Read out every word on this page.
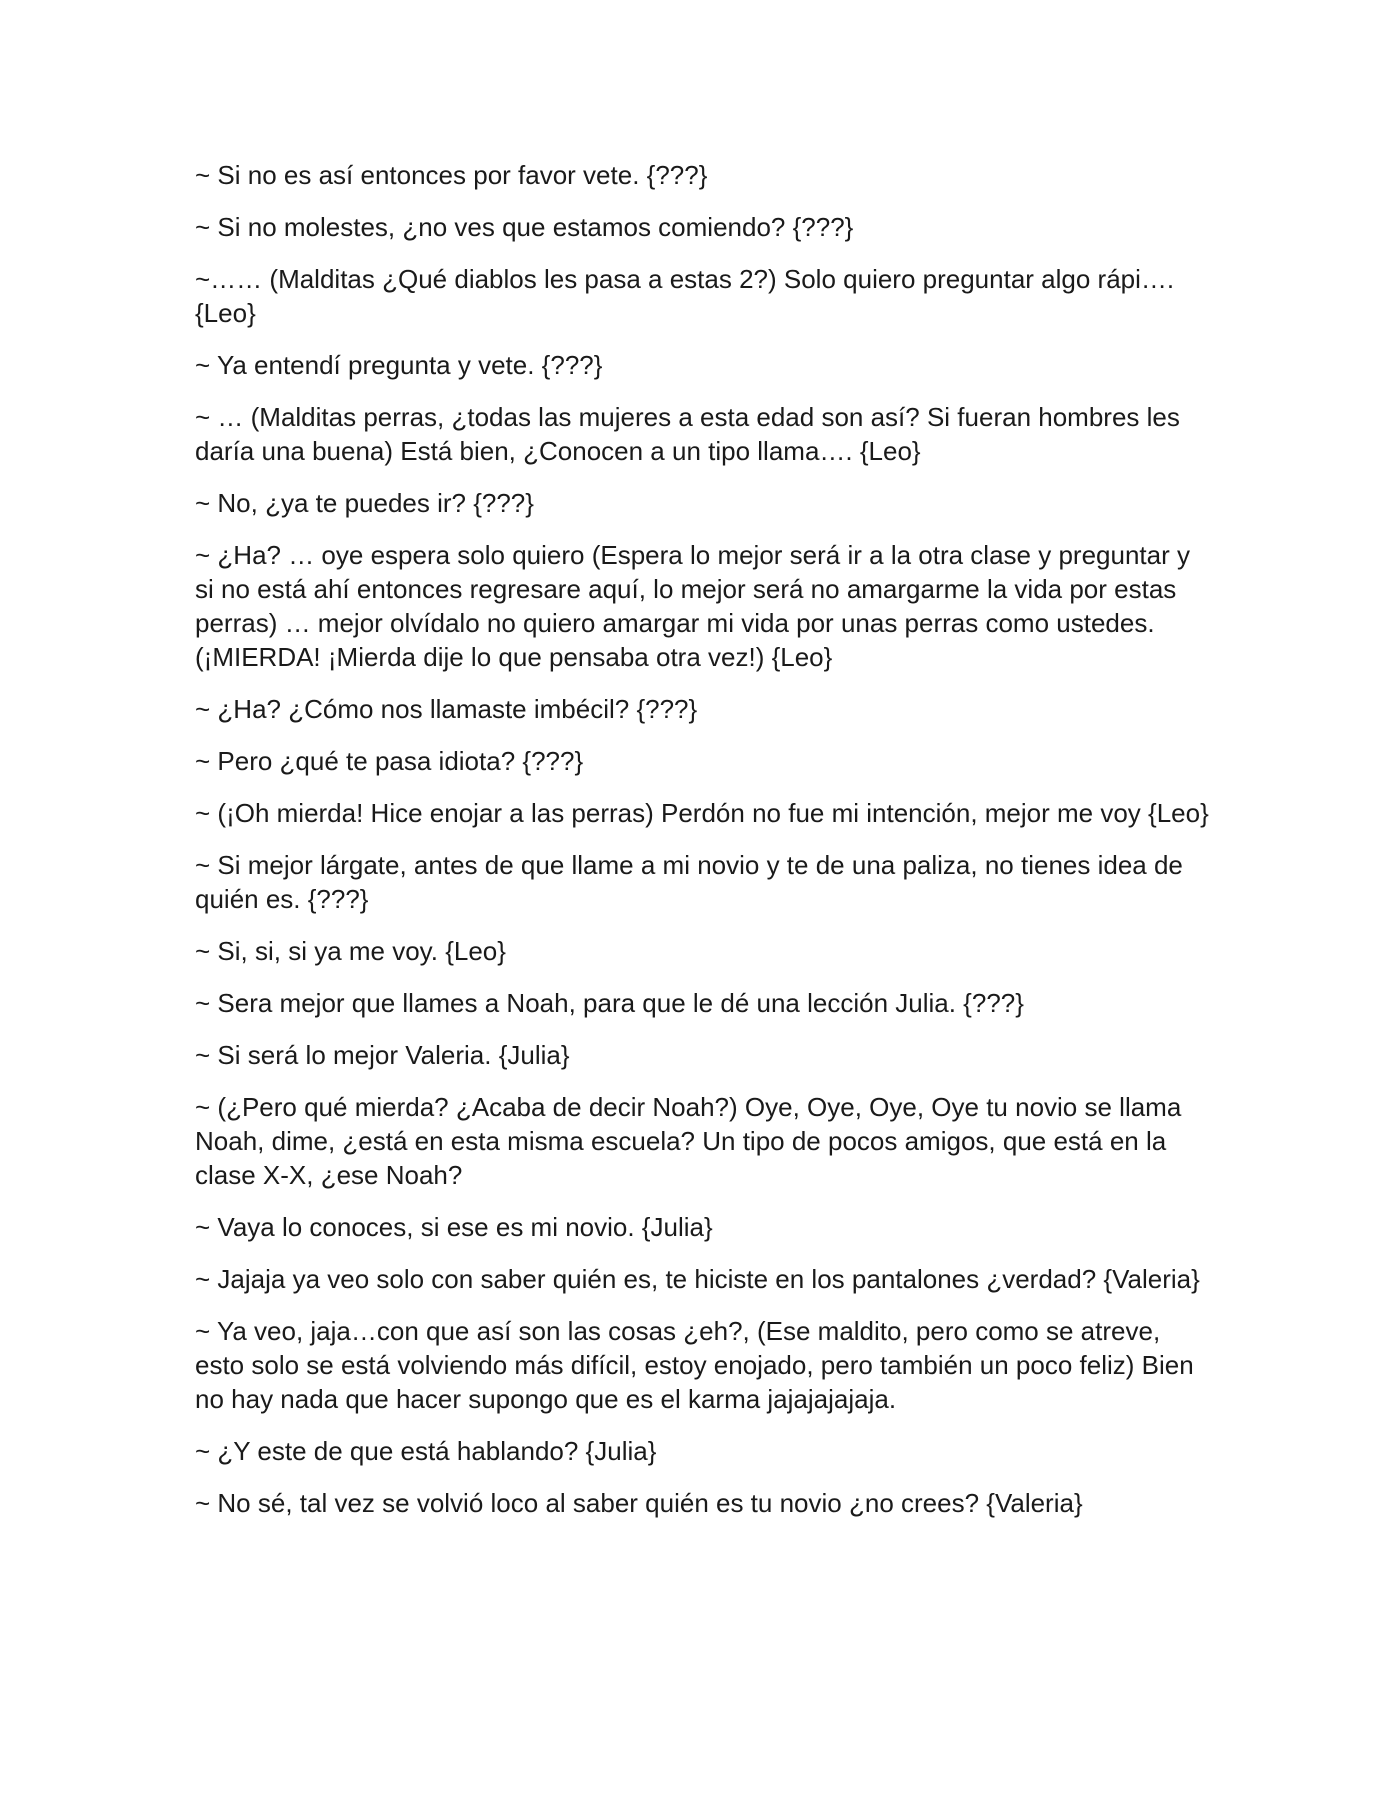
~ Si no es así entonces por favor vete. {???}

~ Si no molestes, ¿no ves que estamos comiendo? {???}

~…… (Malditas ¿Qué diablos les pasa a estas 2?) Solo quiero preguntar algo rápi…. {Leo}

~ Ya entendí pregunta y vete. {???}

~ … (Malditas perras, ¿todas las mujeres a esta edad son así? Si fueran hombres les daría una buena) Está bien, ¿Conocen a un tipo llama…. {Leo}

~ No, ¿ya te puedes ir? {???}

~ ¿Ha? … oye espera solo quiero (Espera lo mejor será ir a la otra clase y preguntar y si no está ahí entonces regresare aquí, lo mejor será no amargarme la vida por estas perras) … mejor olvídalo no quiero amargar mi vida por unas perras como ustedes. (¡MIERDA! ¡Mierda dije lo que pensaba otra vez!) {Leo}

~ ¿Ha? ¿Cómo nos llamaste imbécil? {???}

~ Pero ¿qué te pasa idiota? {???}

~ (¡Oh mierda! Hice enojar a las perras) Perdón no fue mi intención, mejor me voy {Leo}

~ Si mejor lárgate, antes de que llame a mi novio y te de una paliza, no tienes idea de quién es. {???}

~ Si, si, si ya me voy. {Leo}

~ Sera mejor que llames a Noah, para que le dé una lección Julia. {???}

~ Si será lo mejor Valeria. {Julia}

~ (¿Pero qué mierda? ¿Acaba de decir Noah?) Oye, Oye, Oye, Oye tu novio se llama Noah, dime, ¿está en esta misma escuela? Un tipo de pocos amigos, que está en la clase X-X, ¿ese Noah?

~ Vaya lo conoces, si ese es mi novio. {Julia}

~ Jajaja ya veo solo con saber quién es, te hiciste en los pantalones ¿verdad? {Valeria}

~ Ya veo, jaja…con que así son las cosas ¿eh?, (Ese maldito, pero como se atreve, esto solo se está volviendo más difícil, estoy enojado, pero también un poco feliz) Bien no hay nada que hacer supongo que es el karma jajajajajaja.

~ ¿Y este de que está hablando? {Julia}

~ No sé, tal vez se volvió loco al saber quién es tu novio ¿no crees? {Valeria}
